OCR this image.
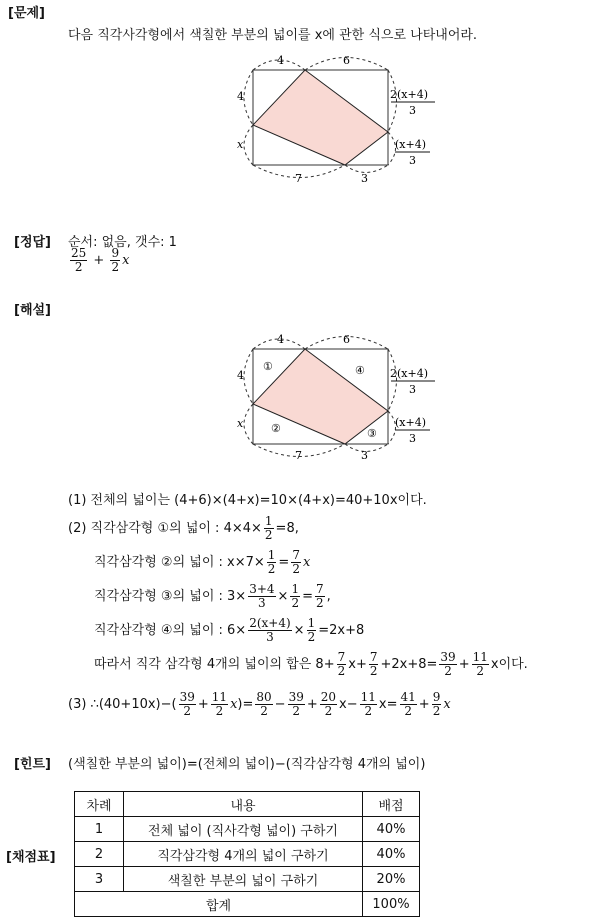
[문제]
다음 직각사각형에서 색칠한 부분의 넓이를 x에 관한 식으로 나타내어라.
4	6
4
x
7	3
2(x+4)
3
(x+4)
3
[정답] 순서: 없음, 갯수: 1
$\frac{25}{2} + \frac{9}{2}$ x
[해설]
4	6
4
x
7	3
①
②	③
④ 2(x+4)
3
(x+4)
3
(1) 전체의 넓이는 (4+6)×(4+x)=10×(4+x)=40+10x이다.
(2) 직각삼각형 ①의 넓이 : $4\times 4\times \frac{1}{2} =8$,
직각삼각형 ②의 넓이 : $x\times 7\times \frac{1}{2} = \frac{7}{2}$ x
직각삼각형 ③의 넓이 : $3\times \frac{3+4}{3} \times \frac{1}{2} = \frac{7}{2}$ ,
직각삼각형 ④의 넓이 : $6\times \frac{2(x+4)}{3} \times \frac{1}{2} =2x+8$
따라서 직각 삼각형 4개의 넓이의 합은 $8+ \frac{7}{2} x+ \frac{7}{2} +2x+8= \frac{39}{2} + \frac{11}{2}$ x이다.
(3) ∴(40+10x)−( $\frac{39}{2} + \frac{11}{2} x)= \frac{80}{2} - \frac{39}{2} + \frac{20}{2} x- \frac{11}{2} x= \frac{41}{2} + \frac{9}{2}$ x
[힌트] (색칠한 부분의 넓이)=(전체의 넓이)−(직각삼각형 4개의 넓이)
[채점표]
차례	내용	배점
1	전체 넓이 (직사각형 넓이) 구하기	40%
2	직각삼각형 4개의 넓이 구하기	40%
3	색칠한 부분의 넓이 구하기	20%
합계		100%
